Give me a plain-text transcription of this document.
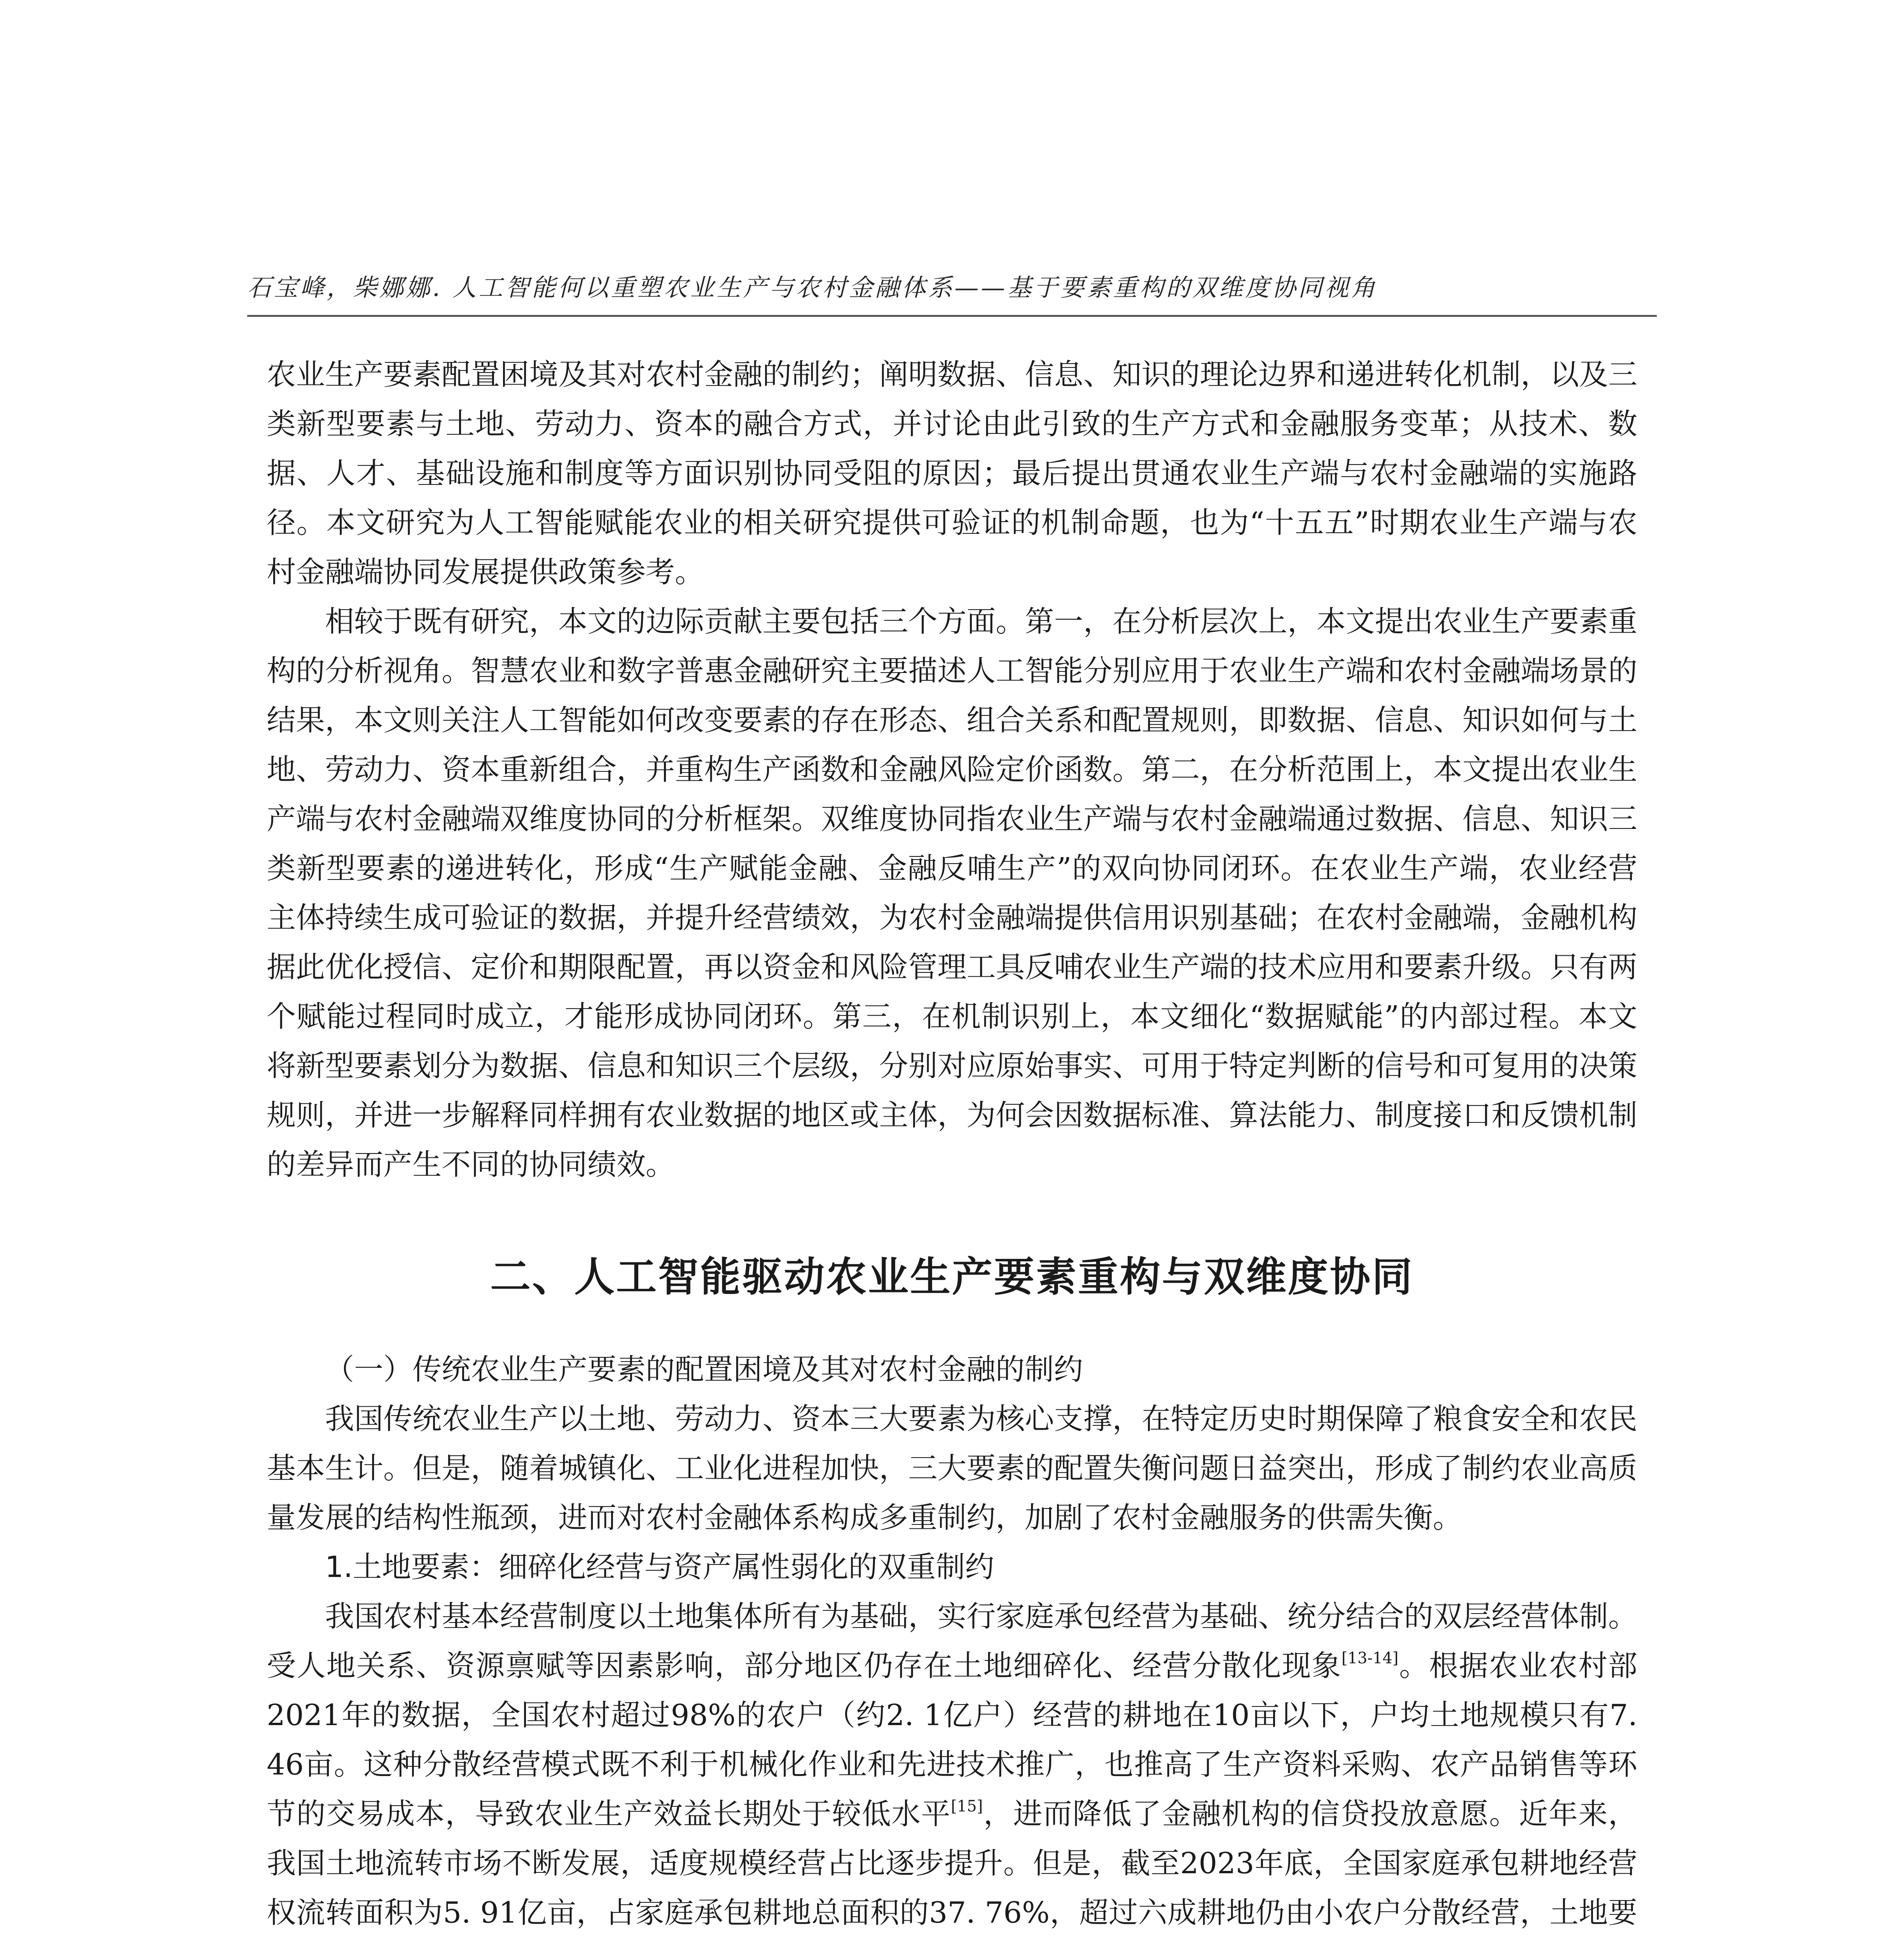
石宝峰，柴娜娜. 人工智能何以重塑农业生产与农村金融体系——基于要素重构的双维度协同视角

农业生产要素配置困境及其对农村金融的制约；阐明数据、信息、知识的理论边界和递进转化机制，以及三类新型要素与土地、劳动力、资本的融合方式，并讨论由此引致的生产方式和金融服务变革；从技术、数据、人才、基础设施和制度等方面识别协同受阻的原因；最后提出贯通农业生产端与农村金融端的实施路径。本文研究为人工智能赋能农业的相关研究提供可验证的机制命题，也为“十五五”时期农业生产端与农村金融端协同发展提供政策参考。

相较于既有研究，本文的边际贡献主要包括三个方面。第一，在分析层次上，本文提出农业生产要素重构的分析视角。智慧农业和数字普惠金融研究主要描述人工智能分别应用于农业生产端和农村金融端场景的结果，本文则关注人工智能如何改变要素的存在形态、组合关系和配置规则，即数据、信息、知识如何与土地、劳动力、资本重新组合，并重构生产函数和金融风险定价函数。第二，在分析范围上，本文提出农业生产端与农村金融端双维度协同的分析框架。双维度协同指农业生产端与农村金融端通过数据、信息、知识三类新型要素的递进转化，形成“生产赋能金融、金融反哺生产”的双向协同闭环。在农业生产端，农业经营主体持续生成可验证的数据，并提升经营绩效，为农村金融端提供信用识别基础；在农村金融端，金融机构据此优化授信、定价和期限配置，再以资金和风险管理工具反哺农业生产端的技术应用和要素升级。只有两个赋能过程同时成立，才能形成协同闭环。第三，在机制识别上，本文细化“数据赋能”的内部过程。本文将新型要素划分为数据、信息和知识三个层级，分别对应原始事实、可用于特定判断的信号和可复用的决策规则，并进一步解释同样拥有农业数据的地区或主体，为何会因数据标准、算法能力、制度接口和反馈机制的差异而产生不同的协同绩效。

二、人工智能驱动农业生产要素重构与双维度协同

（一）传统农业生产要素的配置困境及其对农村金融的制约

我国传统农业生产以土地、劳动力、资本三大要素为核心支撑，在特定历史时期保障了粮食安全和农民基本生计。但是，随着城镇化、工业化进程加快，三大要素的配置失衡问题日益突出，形成了制约农业高质量发展的结构性瓶颈，进而对农村金融体系构成多重制约，加剧了农村金融服务的供需失衡。

1.土地要素：细碎化经营与资产属性弱化的双重制约

我国农村基本经营制度以土地集体所有为基础，实行家庭承包经营为基础、统分结合的双层经营体制。受人地关系、资源禀赋等因素影响，部分地区仍存在土地细碎化、经营分散化现象[13-14]。根据农业农村部2021年的数据，全国农村超过98%的农户（约2. 1亿户）经营的耕地在10亩以下，户均土地规模只有7. 46亩。这种分散经营模式既不利于机械化作业和先进技术推广，也推高了生产资料采购、农产品销售等环节的交易成本，导致农业生产效益长期处于较低水平[15]，进而降低了金融机构的信贷投放意愿。近年来，我国土地流转市场不断发展，适度规模经营占比逐步提升。但是，截至2023年底，全国家庭承包耕地经营权流转面积为5. 91亿亩，占家庭承包耕地总面积的37. 76%，超过六成耕地仍由小农户分散经营，土地要
